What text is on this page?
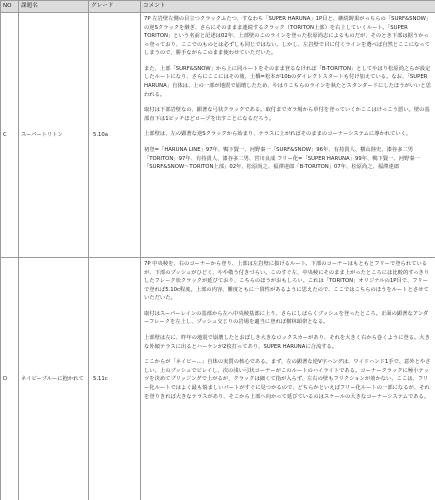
NO	課題名	グレード	コメント
C	スーパートリトン	5.10a	7P 左岩壁左側の目立つクラックふたつ、すなわち「SUPER HARUNA」1P目と、継続鋳果がっちらの「SURF&SNOW」の逆Sクラックを継ぎ、さらにそのままま連続するクラック（TORITON上部）を右上していくルート。「SUPER TORITON」という名前と記述は02年、上部壁のこのラインを登った松原尚志によるものだが、そのとき下部は据うかっっ登っており、ここでのものとは必ずしも同じではない。しかし、左岩壁で目に付くラインを選べば自然とここになってしまうので、勝手ながらこのまま使わせていただいた。

また、上部「SURF&SNOW」から上に同ルートをそのまま登るなければ「B-TORITON」としてやはり松原尚之らが設定したルートになり、さらにここにはその後、土橋=松本が10bのダイレクトスタートも付け加えている。なお、「SUPER HARUNA」自体は、上の一部が地震で崩壊したため、やはりこちらのラインを執たとスタンダードにしたほうがいいと思われる。

取付は下部岩壁なの、顕著な弓状クラックである。取付までガラ場から草付を登っていくかここはけっこう悪い。壁の基部直下は1ピッチほどロープを出すことになるだろう。

上部壁は、左の顕著な逆Sクラックから始まり、テラスに上がればそのままのコーナーシステムに導かれていく。

初登=「HARUNA LINE」97年、鴨下賢一、河野秦一「SURF&SNOW」96年、有持貴人、横山陸史、漆谷多二男「TORITON」97年、有持貴人、漆谷多二男、宮川良成 フリー化=「SUPER HARUNA」99年、鴨下賢一、河野秦一「SURF&SNOW〜TORITON上部」02年、松原尚之、福澤達郎「B-TORITON」07年、松原尚之、福澤達郎

D	ネイビーブルーに抱かれて	5.11c	7P 中央稜を、右のコーナーから登り、上部は左岩壁に抜けるルート。下部のコーナーはもともとフリーで登られているが、下部のプッシュがひどく、やや敬う付きづらい。このすぐ左、中央稜にそのまま上がったところには比較的すっきりしたフレーク状クラックが延びており、こちらのほうがおもしろい。これは「TORITON」オリジナルの1P目で、フリーで登れば5.10c程度。上部の内容、難度ともに一貫性があるように思えたので、ここではこちらのほうをルートとさせていただいた。

取付はスーパーレインの基部から左へ中央稜基部に上り、さらにしばらくブッシュを登ったところ。正面の顕著なアンダーフレークを左上し、プッシュ交じりの岩場を適当に登れば樹林頭帯となる。

上部壁は左に、昨年の地震で崩壊したとおぼしき大きなロックスカーがあり、それを大きく右から巻くように登る。大きな外傾テラスに出るとハーケンが2枚打ってあり、SUPER HARUNAに合流する。

ここからが「ネイビー…」自体の実質の核心である。まず、左の顕著な逆V字ハングは、ワイドハンド1手で、意外とやさしい。上のブッシュでビレイし、次の浅い弓状コーナーがこのルートのハイライトである。コーナークラックに極小テッツを決めてブリッジングで上がるが、クラックは細くて指が入らず、左右の壁もフリクションが効かない。ここは、フリー化ルートではよく最も悩ましいパートがすぐに見つかるので、どちらかといえばフリー化ルートの一部になるが、それを登りきれば大きなテラスがあり、そこから上部へ向かって延びているのはスケールの大きなコーナーシステムである。
